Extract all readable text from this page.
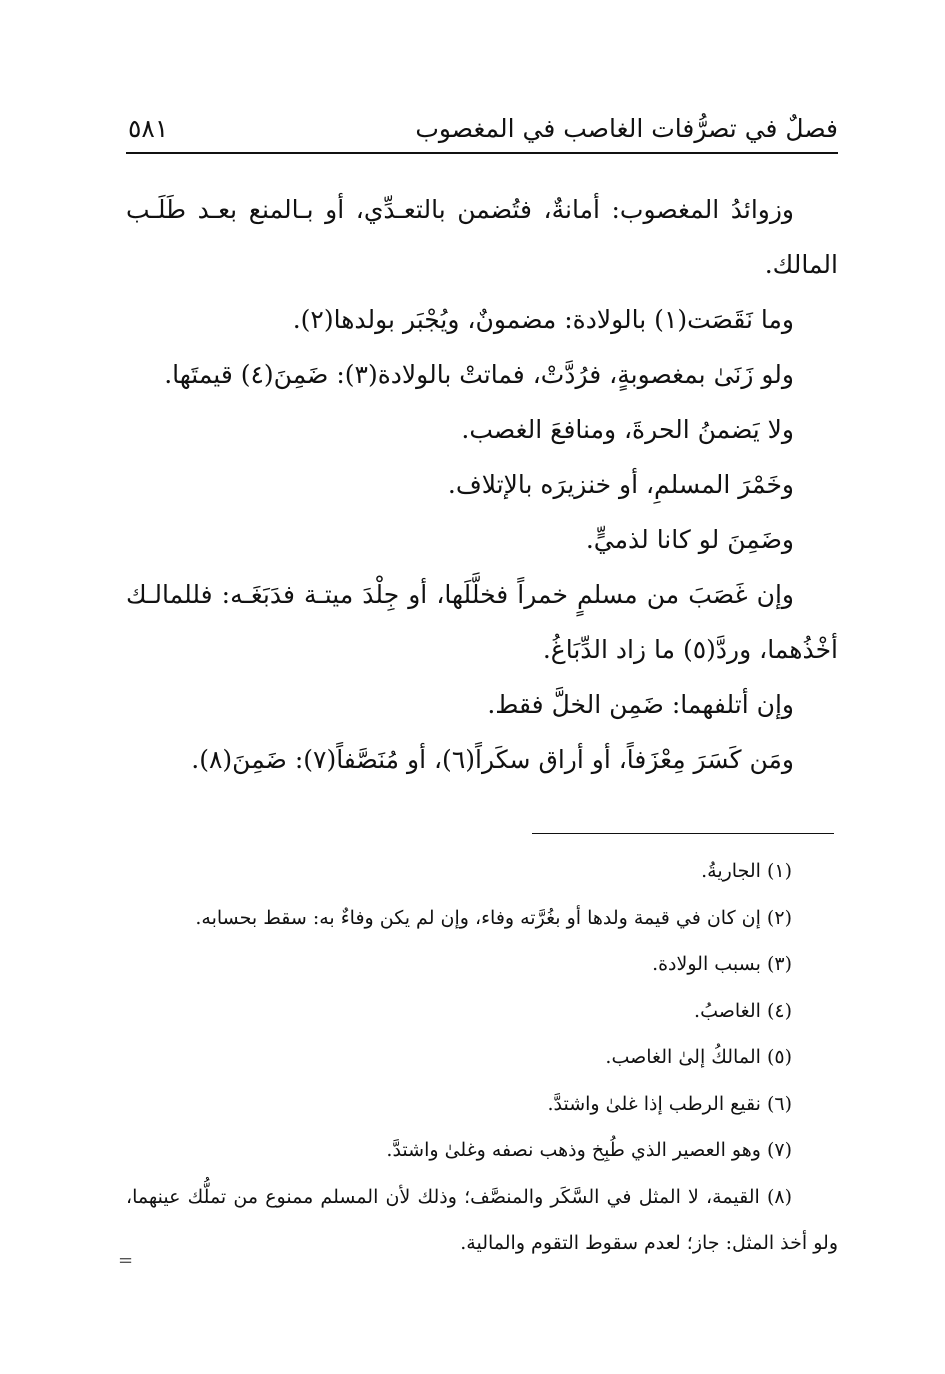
فصلٌ في تصرُّفات الغاصب في المغصوب
٥٨١

وزوائدُ المغصوب: أمانةٌ، فتُضمن بالتعـدِّي، أو بـالمنع بعـد طَلَـب المالك.

وما نَقَصَت(١) بالولادة: مضمونٌ، ويُجْبَر بولدها(٢).

ولو زَنَىٰ بمغصوبةٍ، فرُدَّتْ، فماتتْ بالولادة(٣): ضَمِنَ(٤) قيمتَها.

ولا يَضمنُ الحرةَ، ومنافعَ الغصب.

وخَمْرَ المسلمِ، أو خنزيرَه بالإتلاف.

وضَمِنَ لو كانا لذميٍّ.

وإن غَصَبَ من مسلمٍ خمراً فخلَّلَها، أو جِلْدَ ميتـة فدَبَغَـه: فللمالـك أخْذُهما، وردَّ(٥) ما زاد الدِّبَاغُ.

وإن أتلفهما: ضَمِن الخلَّ فقط.

ومَن كَسَرَ مِعْزَفاً، أو أراق سكَراً(٦)، أو مُنَصَّفاً(٧): ضَمِنَ(٨).

(١) الجاريةُ.

(٢) إن كان في قيمة ولدها أو بغُرَّته وفاء، وإن لم يكن وفاءٌ به: سقط بحسابه.

(٣) بسبب الولادة.

(٤) الغاصبُ.

(٥) المالكُ إلىٰ الغاصب.

(٦) نقيع الرطب إذا غلىٰ واشتدَّ.

(٧) وهو العصير الذي طُبِخ وذهب نصفه وغلىٰ واشتدَّ.

(٨) القيمة، لا المثل في السَّكَر والمنصَّف؛ وذلك لأن المسلم ممنوع من تملُّك عينهما، ولو أخذ المثل: جاز؛ لعدم سقوط التقوم والمالية.

=
